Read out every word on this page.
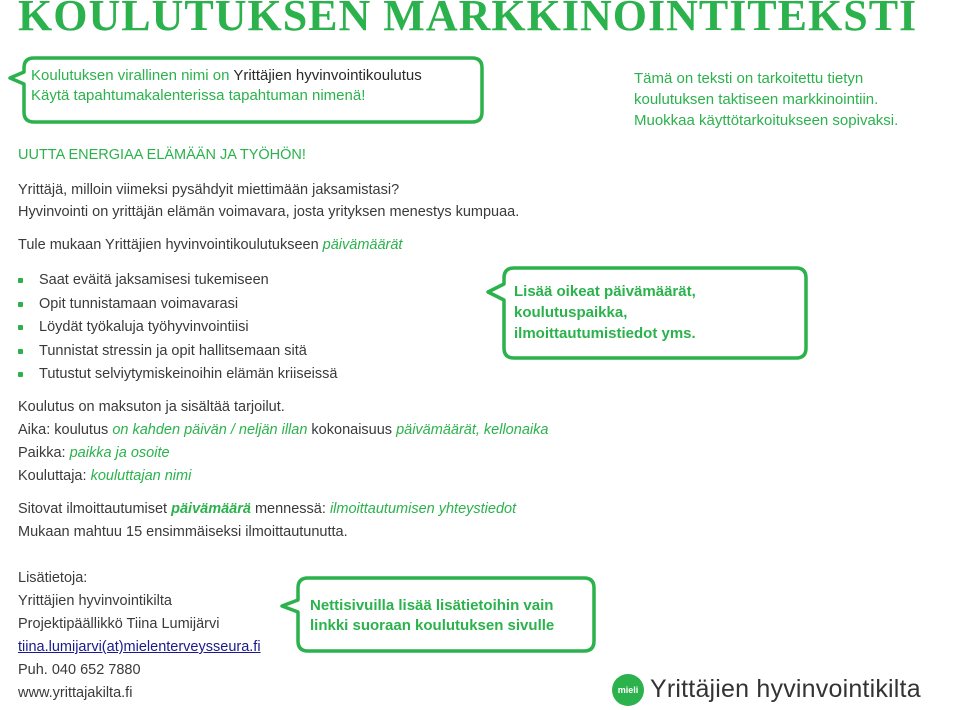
KOULUTUKSEN MARKKINOINTITEKSTI
Koulutuksen virallinen nimi on Yrittäjien hyvinvointikoulutus
Käytä tapahtumakalenterissa tapahtuman nimenä!
Tämä on teksti on tarkoitettu tietyn
koulutuksen taktiseen markkinointiin.
Muokkaa käyttötarkoitukseen sopivaksi.
UUTTA ENERGIAA ELÄMÄÄN JA TYÖHÖN!
Yrittäjä, milloin viimeksi pysähdyit miettimään jaksamistasi?
Hyvinvointi on yrittäjän elämän voimavara, josta yrityksen menestys kumpuaa.
Tule mukaan Yrittäjien hyvinvointikoulutukseen päivämäärät
Saat eväitä jaksamisesi tukemiseen
Opit tunnistamaan voimavarasi
Löydät työkaluja työhyvinvointiisi
Tunnistat stressin ja opit hallitsemaan sitä
Tutustut selviytymiskeinoihin elämän kriiseissä
Lisää oikeat päivämäärät,
koulutuspaikka,
ilmoittautumistiedot yms.
Koulutus on maksuton ja sisältää tarjoilut.
Aika: koulutus on kahden päivän / neljän illan kokonaisuus päivämäärät, kellonaika
Paikka: paikka ja osoite
Kouluttaja: kouluttajan nimi
Sitovat ilmoittautumiset päivämäärä mennessä: ilmoittautumisen yhteystiedot
Mukaan mahtuu 15 ensimmäiseksi ilmoittautunutta.
Lisätietoja:
Yrittäjien hyvinvointikilta
Projektipäällikkö Tiina Lumijärvi
tiina.lumijarvi(at)mielenterveysseura.fi
Puh. 040 652 7880
www.yrittajakilta.fi
Nettisivuilla lisää lisätietoihin vain
linkki suoraan koulutuksen sivulle
mieli Yrittäjien hyvinvointikilta
